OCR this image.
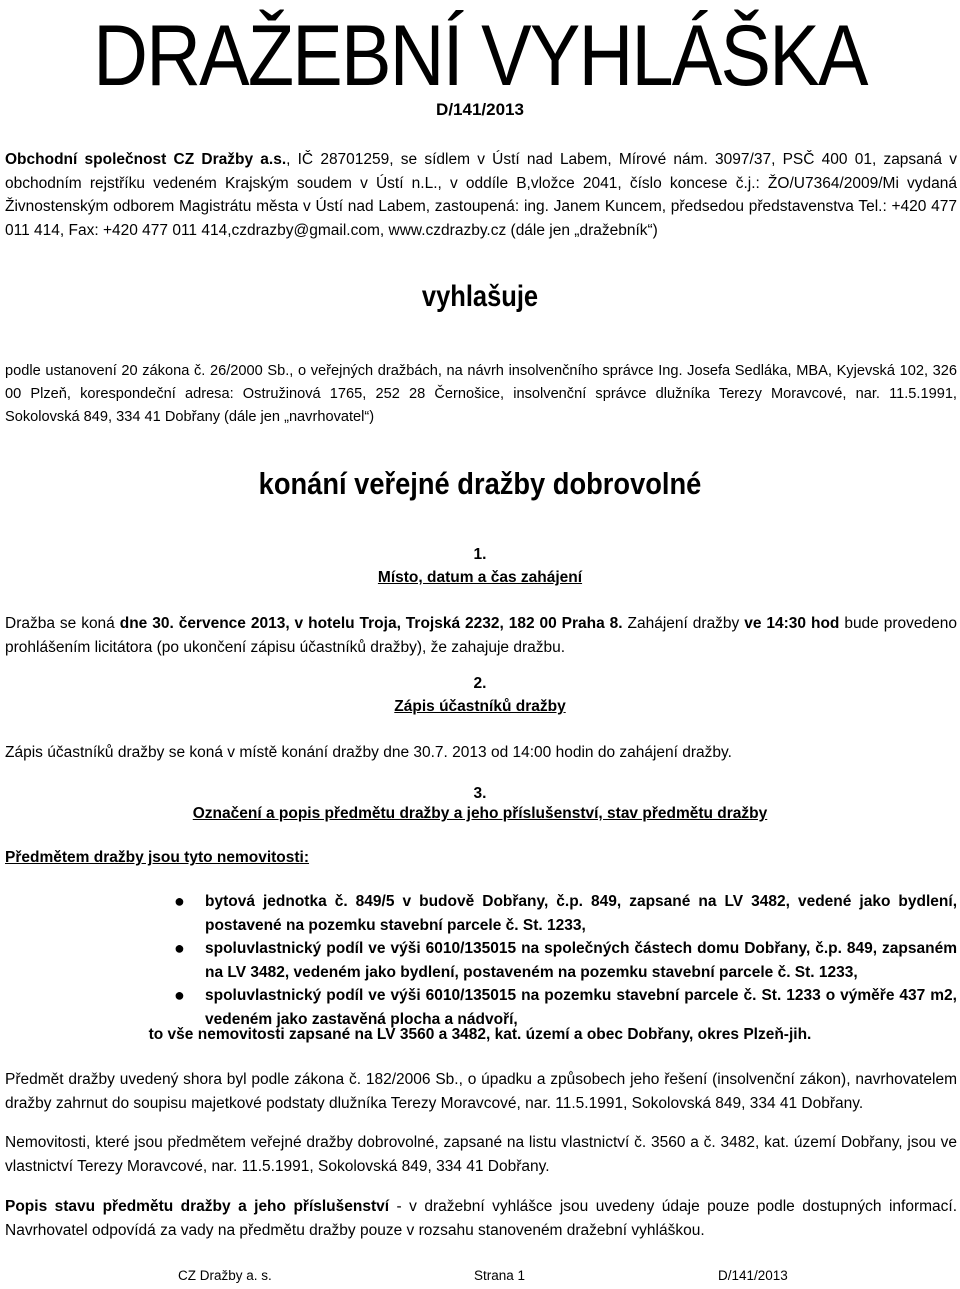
DRAŽEBNÍ VYHLÁŠKA
D/141/2013
Obchodní společnost CZ Dražby a.s., IČ 28701259, se sídlem v Ústí nad Labem, Mírové nám. 3097/37, PSČ 400 01, zapsaná v obchodním rejstříku vedeném Krajským soudem v Ústí n.L., v oddíle B,vložce 2041, číslo koncese č.j.: ŽO/U7364/2009/Mi vydaná Živnostenským odborem Magistrátu města v Ústí nad Labem, zastoupená: ing. Janem Kuncem, předsedou představenstva Tel.: +420 477 011 414, Fax: +420 477 011 414,czdrazby@gmail.com, www.czdrazby.cz (dále jen „dražebník“)
vyhlašuje
podle ustanovení 20 zákona č. 26/2000 Sb., o veřejných dražbách, na návrh insolvenčního správce Ing. Josefa Sedláka, MBA, Kyjevská 102, 326 00 Plzeň, korespondeční adresa: Ostružinová 1765, 252 28 Černošice, insolvenční správce dlužníka Terezy Moravcové, nar. 11.5.1991, Sokolovská 849, 334 41 Dobřany (dále jen „navrhovatel“)
konání veřejné dražby dobrovolné
1.
Místo, datum a čas zahájení
Dražba se koná dne 30. července 2013, v hotelu Troja, Trojská 2232, 182 00 Praha 8. Zahájení dražby ve 14:30 hod bude provedeno prohlášením licitátora (po ukončení zápisu účastníků dražby), že zahajuje dražbu.
2.
Zápis účastníků dražby
Zápis účastníků dražby se koná v místě konání dražby dne 30.7. 2013 od 14:00 hodin do zahájení dražby.
3.
Označení a popis předmětu dražby a jeho příslušenství, stav předmětu dražby
Předmětem dražby jsou tyto nemovitosti:
● bytová jednotka č. 849/5 v budově Dobřany, č.p. 849, zapsané na LV 3482, vedené jako bydlení, postavené na pozemku stavební parcele č. St. 1233,
● spoluvlastnický podíl ve výši 6010/135015 na společných částech domu Dobřany, č.p. 849, zapsaném na LV 3482, vedeném jako bydlení, postaveném na pozemku stavební parcele č. St. 1233,
● spoluvlastnický podíl ve výši 6010/135015 na pozemku stavební parcele č. St. 1233 o výměře 437 m2, vedeném jako zastavěná plocha a nádvoří,
to vše nemovitosti zapsané na LV 3560 a 3482, kat. území a obec Dobřany, okres Plzeň-jih.
Předmět dražby uvedený shora byl podle zákona č. 182/2006 Sb., o úpadku a způsobech jeho řešení (insolvenční zákon), navrhovatelem dražby zahrnut do soupisu majetkové podstaty dlužníka Terezy Moravcové, nar. 11.5.1991, Sokolovská 849, 334 41 Dobřany.
Nemovitosti, které jsou předmětem veřejné dražby dobrovolné, zapsané na listu vlastnictví č. 3560 a č. 3482, kat. území Dobřany, jsou ve vlastnictví Terezy Moravcové, nar. 11.5.1991, Sokolovská 849, 334 41 Dobřany.
Popis stavu předmětu dražby a jeho příslušenství - v dražební vyhlášce jsou uvedeny údaje pouze podle dostupných informací. Navrhovatel odpovídá za vady na předmětu dražby pouze v rozsahu stanoveném dražební vyhláškou.
CZ Dražby a. s.	Strana 1	D/141/2013
